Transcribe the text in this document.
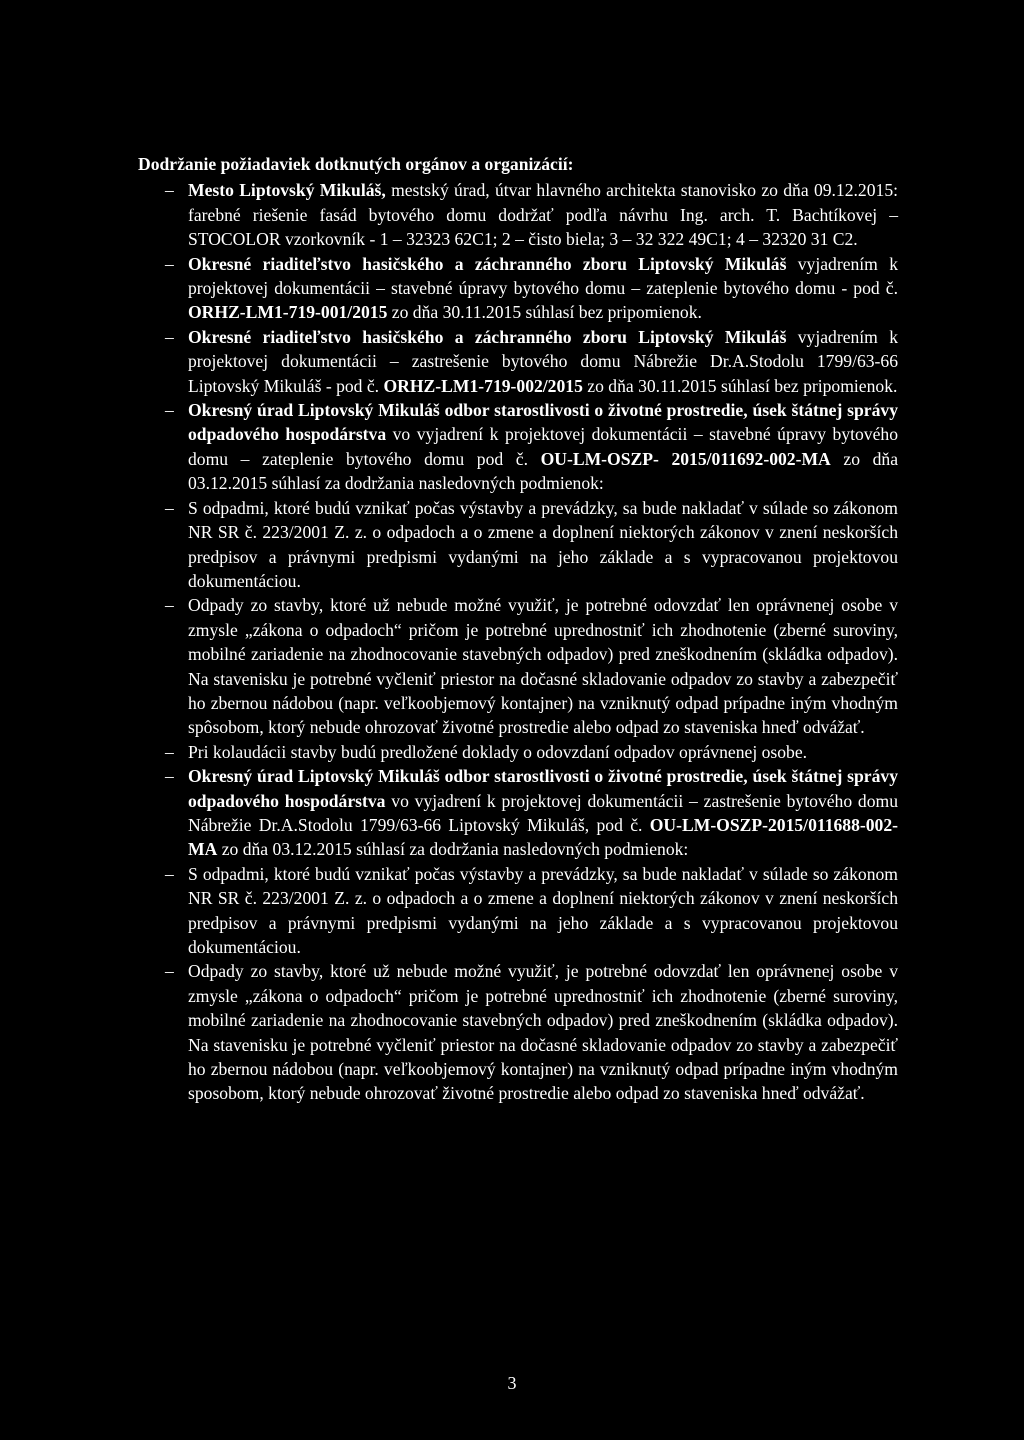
Dodržanie požiadaviek dotknutých orgánov a organizácií:
– Mesto Liptovský Mikuláš, mestský úrad, útvar hlavného architekta stanovisko zo dňa 09.12.2015: farebné riešenie fasád bytového domu dodržať podľa návrhu Ing. arch. T. Bachtíkovej – STOCOLOR vzorkovník - 1 – 32323 62C1; 2 – čisto biela; 3 – 32 322 49C1; 4 – 32320 31 C2.

– Okresné riaditeľstvo hasičského a záchranného zboru Liptovský Mikuláš vyjadrením k projektovej dokumentácii – stavebné úpravy bytového domu – zateplenie bytového domu - pod č. ORHZ-LM1-719-001/2015 zo dňa 30.11.2015 súhlasí bez pripomienok.

– Okresné riaditeľstvo hasičského a záchranného zboru Liptovský Mikuláš vyjadrením k projektovej dokumentácii – zastrešenie bytového domu Nábrežie Dr.A.Stodolu 1799/63-66 Liptovský Mikuláš - pod č. ORHZ-LM1-719-002/2015 zo dňa 30.11.2015 súhlasí bez pripomienok.

– Okresný úrad Liptovský Mikuláš odbor starostlivosti o životné prostredie, úsek štátnej správy odpadového hospodárstva vo vyjadrení k projektovej dokumentácii – stavebné úpravy bytového domu – zateplenie bytového domu pod č. OU-LM-OSZP- 2015/011692-002-MA zo dňa 03.12.2015 súhlasí za dodržania nasledovných podmienok:

– S odpadmi, ktoré budú vznikať počas výstavby a prevádzky, sa bude nakladať v súlade so zákonom NR SR č. 223/2001 Z. z. o odpadoch a o zmene a doplnení niektorých zákonov v znení neskorších predpisov a právnymi predpismi vydanými na jeho základe a s vypracovanou projektovou dokumentáciou.

– Odpady zo stavby, ktoré už nebude možné využiť, je potrebné odovzdať len oprávnenej osobe v zmysle „zákona o odpadoch“ pričom je potrebné uprednostniť ich zhodnotenie (zberné suroviny, mobilné zariadenie na zhodnocovanie stavebných odpadov) pred zneškodnením (skládka odpadov). Na stavenisku je potrebné vyčleniť priestor na dočasné skladovanie odpadov zo stavby a zabezpečiť ho zbernou nádobou (napr. veľkoobjemový kontajner) na vzniknutý odpad prípadne iným vhodným spôsobom, ktorý nebude ohrozovať životné prostredie alebo odpad zo staveniska hneď odvážať.

– Pri kolaudácii stavby budú predložené doklady o odovzdaní odpadov oprávnenej osobe.

– Okresný úrad Liptovský Mikuláš odbor starostlivosti o životné prostredie, úsek štátnej správy odpadového hospodárstva vo vyjadrení k projektovej dokumentácii – zastrešenie bytového domu Nábrežie Dr.A.Stodolu 1799/63-66 Liptovský Mikuláš, pod č. OU-LM-OSZP-2015/011688-002-MA zo dňa 03.12.2015 súhlasí za dodržania nasledovných podmienok:

– S odpadmi, ktoré budú vznikať počas výstavby a prevádzky, sa bude nakladať v súlade so zákonom NR SR č. 223/2001 Z. z. o odpadoch a o zmene a doplnení niektorých zákonov v znení neskorších predpisov a právnymi predpismi vydanými na jeho základe a s vypracovanou projektovou dokumentáciou.

– Odpady zo stavby, ktoré už nebude možné využiť, je potrebné odovzdať len oprávnenej osobe v zmysle „zákona o odpadoch“ pričom je potrebné uprednostniť ich zhodnotenie (zberné suroviny, mobilné zariadenie na zhodnocovanie stavebných odpadov) pred zneškodnením (skládka odpadov). Na stavenisku je potrebné vyčleniť priestor na dočasné skladovanie odpadov zo stavby a zabezpečiť ho zbernou nádobou (napr. veľkoobjemový kontajner) na vzniknutý odpad prípadne iným vhodným sposobom, ktorý nebude ohrozovať životné prostredie alebo odpad zo staveniska hneď odvážať.

3
